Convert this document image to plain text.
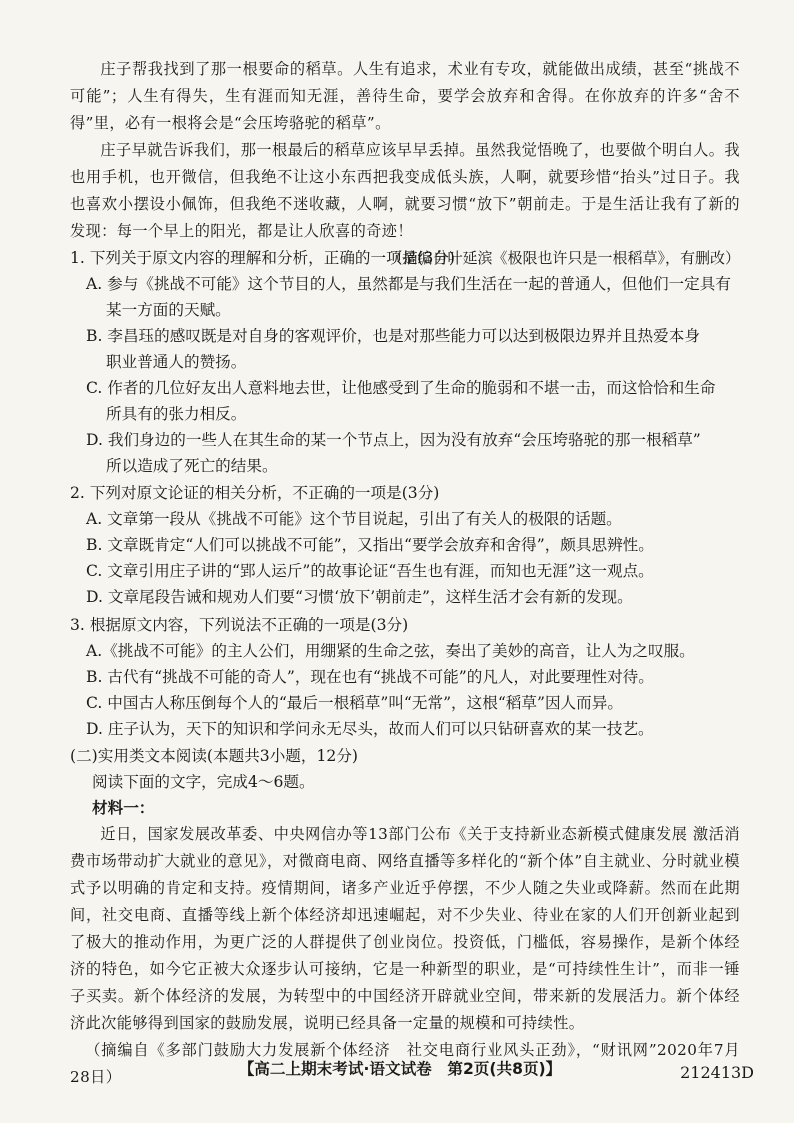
庄子帮我找到了那一根要命的稻草。人生有追求，术业有专攻，就能做出成绩，甚至“挑战不可能”；人生有得失，生有涯而知无涯，善待生命，要学会放弃和舍得。在你放弃的许多“舍不得”里，必有一根将会是“会压垮骆驼的稻草”。

庄子早就告诉我们，那一根最后的稻草应该早早丢掉。虽然我觉悟晚了，也要做个明白人。我也用手机，也开微信，但我绝不让这小东西把我变成低头族，人啊，就要珍惜“抬头”过日子。我也喜欢小摆设小佩饰，但我绝不迷收藏，人啊，就要习惯“放下”朝前走。于是生活让我有了新的发现：每一个早上的阳光，都是让人欣喜的奇迹！

（摘编自叶延滨《极限也许只是一根稻草》，有删改）

1. 下列关于原文内容的理解和分析，正确的一项是(3分)

A. 参与《挑战不可能》这个节目的人，虽然都是与我们生活在一起的普通人，但他们一定具有

某一方面的天赋。

B. 李昌珏的感叹既是对自身的客观评价，也是对那些能力可以达到极限边界并且热爱本身

职业普通人的赞扬。

C. 作者的几位好友出人意料地去世，让他感受到了生命的脆弱和不堪一击，而这恰恰和生命

所具有的张力相反。

D. 我们身边的一些人在其生命的某一个节点上，因为没有放弃“会压垮骆驼的那一根稻草”

所以造成了死亡的结果。

2. 下列对原文论证的相关分析，不正确的一项是(3分)

A. 文章第一段从《挑战不可能》这个节目说起，引出了有关人的极限的话题。

B. 文章既肯定“人们可以挑战不可能”，又指出“要学会放弃和舍得”，颇具思辨性。

C. 文章引用庄子讲的“郢人运斤”的故事论证“吾生也有涯，而知也无涯”这一观点。

D. 文章尾段告诫和规劝人们要“习惯‘放下’朝前走”，这样生活才会有新的发现。

3. 根据原文内容，下列说法不正确的一项是(3分)

A.《挑战不可能》的主人公们，用绷紧的生命之弦，奏出了美妙的高音，让人为之叹服。

B. 古代有“挑战不可能的奇人”，现在也有“挑战不可能”的凡人，对此要理性对待。

C. 中国古人称压倒每个人的“最后一根稻草”叫“无常”，这根“稻草”因人而异。

D. 庄子认为，天下的知识和学问永无尽头，故而人们可以只钻研喜欢的某一技艺。

(二)实用类文本阅读(本题共3小题，12分)

阅读下面的文字，完成4～6题。

材料一：

近日，国家发展改革委、中央网信办等13部门公布《关于支持新业态新模式健康发展 激活消费市场带动扩大就业的意见》，对微商电商、网络直播等多样化的“新个体”自主就业、分时就业模式予以明确的肯定和支持。疫情期间，诸多产业近乎停摆，不少人随之失业或降薪。然而在此期间，社交电商、直播等线上新个体经济却迅速崛起，对不少失业、待业在家的人们开创新业起到了极大的推动作用，为更广泛的人群提供了创业岗位。投资低，门槛低，容易操作，是新个体经济的特色，如今它正被大众逐步认可接纳，它是一种新型的职业，是“可持续性生计”，而非一锤子买卖。新个体经济的发展，为转型中的中国经济开辟就业空间，带来新的发展活力。新个体经济此次能够得到国家的鼓励发展，说明已经具备一定量的规模和可持续性。

（摘编自《多部门鼓励大力发展新个体经济　社交电商行业风头正劲》，“财讯网”2020年7月28日）	【高二上期末考试·语文试卷　第2页(共8页)】	212413D
